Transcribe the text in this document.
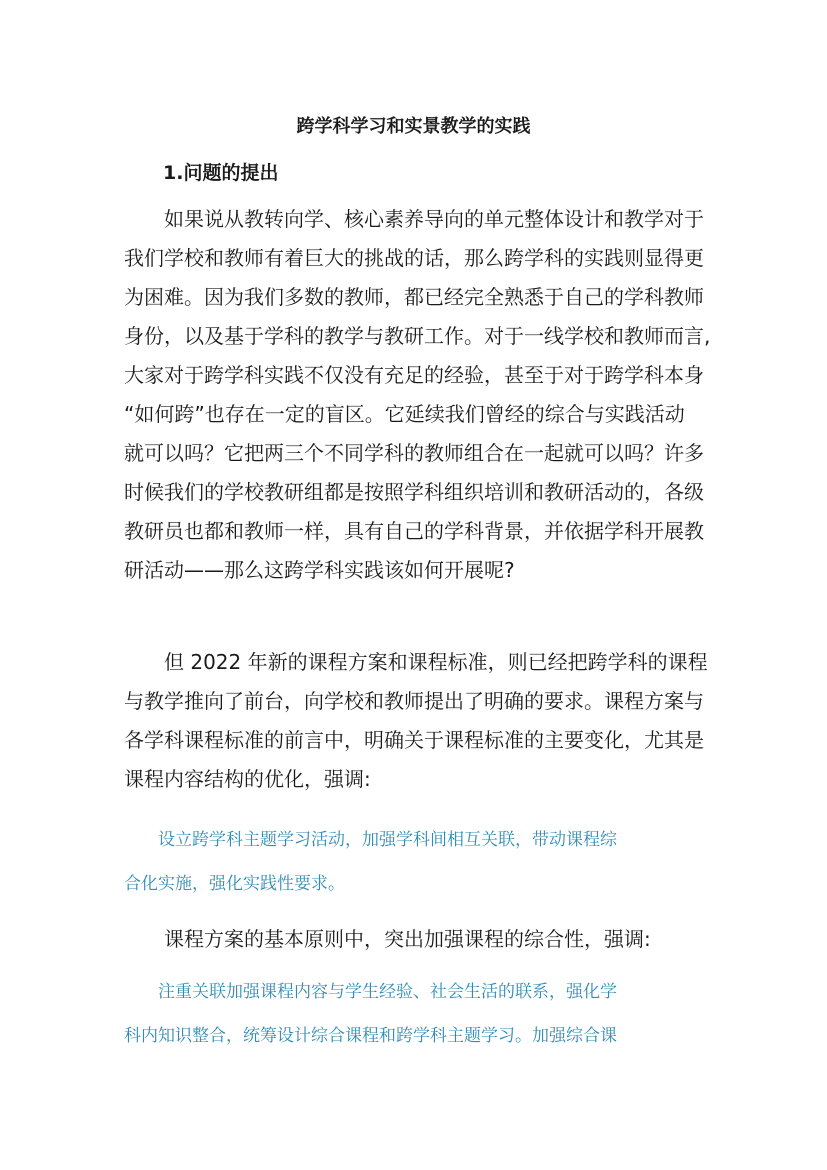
跨学科学习和实景教学的实践
1.问题的提出

　　如果说从教转向学、核心素养导向的单元整体设计和教学对于
我们学校和教师有着巨大的挑战的话，那么跨学科的实践则显得更
为困难。因为我们多数的教师，都已经完全熟悉于自己的学科教师
身份，以及基于学科的教学与教研工作。对于一线学校和教师而言,
大家对于跨学科实践不仅没有充足的经验，甚至于对于跨学科本身
“如何跨”也存在一定的盲区。它延续我们曾经的综合与实践活动
就可以吗？它把两三个不同学科的教师组合在一起就可以吗？许多
时候我们的学校教研组都是按照学科组织培训和教研活动的，各级
教研员也都和教师一样，具有自己的学科背景，并依据学科开展教
研活动——那么这跨学科实践该如何开展呢?

　　但 2022 年新的课程方案和课程标准，则已经把跨学科的课程
与教学推向了前台，向学校和教师提出了明确的要求。课程方案与
各学科课程标准的前言中，明确关于课程标准的主要变化，尤其是
课程内容结构的优化，强调:

　　设立跨学科主题学习活动，加强学科间相互关联，带动课程综
合化实施，强化实践性要求。

　　课程方案的基本原则中，突出加强课程的综合性，强调:

　　注重关联加强课程内容与学生经验、社会生活的联系，强化学
科内知识整合，统筹设计综合课程和跨学科主题学习。加强综合课
